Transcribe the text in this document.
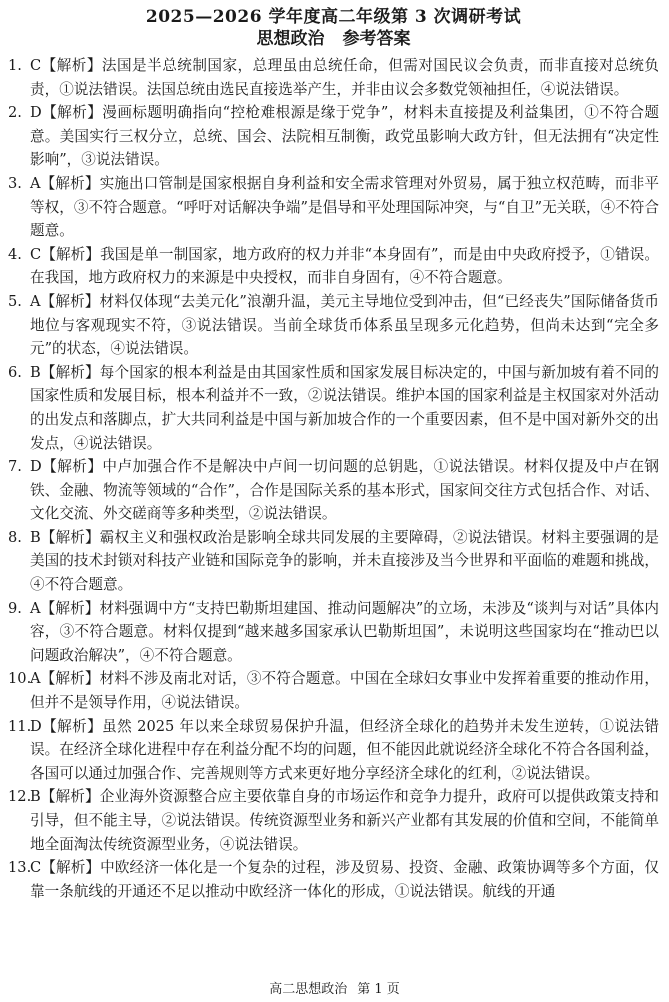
2025—2026 学年度高二年级第 3 次调研考试
思想政治 参考答案

1. C【解析】法国是半总统制国家，总理虽由总统任命，但需对国民议会负责，而非直接对总统负责，①说法错误。法国总统由选民直接选举产生，并非由议会多数党领袖担任，④说法错误。

2. D【解析】漫画标题明确指向“控枪难根源是缘于党争”，材料未直接提及利益集团，①不符合题意。美国实行三权分立，总统、国会、法院相互制衡，政党虽影响大政方针，但无法拥有“决定性影响”，③说法错误。

3. A【解析】实施出口管制是国家根据自身利益和安全需求管理对外贸易，属于独立权范畴，而非平等权，③不符合题意。“呼吁对话解决争端”是倡导和平处理国际冲突，与“自卫”无关联，④不符合题意。

4. C【解析】我国是单一制国家，地方政府的权力并非“本身固有”，而是由中央政府授予，①错误。在我国，地方政府权力的来源是中央授权，而非自身固有，④不符合题意。

5. A【解析】材料仅体现“去美元化”浪潮升温，美元主导地位受到冲击，但“已经丧失”国际储备货币地位与客观现实不符，③说法错误。当前全球货币体系虽呈现多元化趋势，但尚未达到“完全多元”的状态，④说法错误。

6. B【解析】每个国家的根本利益是由其国家性质和国家发展目标决定的，中国与新加坡有着不同的国家性质和发展目标，根本利益并不一致，②说法错误。维护本国的国家利益是主权国家对外活动的出发点和落脚点，扩大共同利益是中国与新加坡合作的一个重要因素，但不是中国对新外交的出发点，④说法错误。

7. D【解析】中卢加强合作不是解决中卢间一切问题的总钥匙，①说法错误。材料仅提及中卢在钢铁、金融、物流等领域的“合作”，合作是国际关系的基本形式，国家间交往方式包括合作、对话、文化交流、外交磋商等多种类型，②说法错误。

8. B【解析】霸权主义和强权政治是影响全球共同发展的主要障碍，②说法错误。材料主要强调的是美国的技术封锁对科技产业链和国际竞争的影响，并未直接涉及当今世界和平面临的难题和挑战，④不符合题意。

9. A【解析】材料强调中方“支持巴勒斯坦建国、推动问题解决”的立场，未涉及“谈判与对话”具体内容，③不符合题意。材料仅提到“越来越多国家承认巴勒斯坦国”，未说明这些国家均在“推动巴以问题政治解决”，④不符合题意。

10.
A【解析】材料不涉及南北对话，③不符合题意。中国在全球妇女事业中发挥着重要的推动作用，但并不是领导作用，④说法错误。

11.
D【解析】虽然 2025 年以来全球贸易保护升温，但经济全球化的趋势并未发生逆转，①说法错误。在经济全球化进程中存在利益分配不均的问题，但不能因此就说经济全球化不符合各国利益，各国可以通过加强合作、完善规则等方式来更好地分享经济全球化的红利，②说法错误。

12.
B【解析】企业海外资源整合应主要依靠自身的市场运作和竞争力提升，政府可以提供政策支持和引导，但不能主导，②说法错误。传统资源型业务和新兴产业都有其发展的价值和空间，不能简单地全面淘汰传统资源型业务，④说法错误。

13.
C【解析】中欧经济一体化是一个复杂的过程，涉及贸易、投资、金融、政策协调等多个方面，仅靠一条航线的开通还不足以推动中欧经济一体化的形成，①说法错误。航线的开通

高二思想政治 第 1 页
